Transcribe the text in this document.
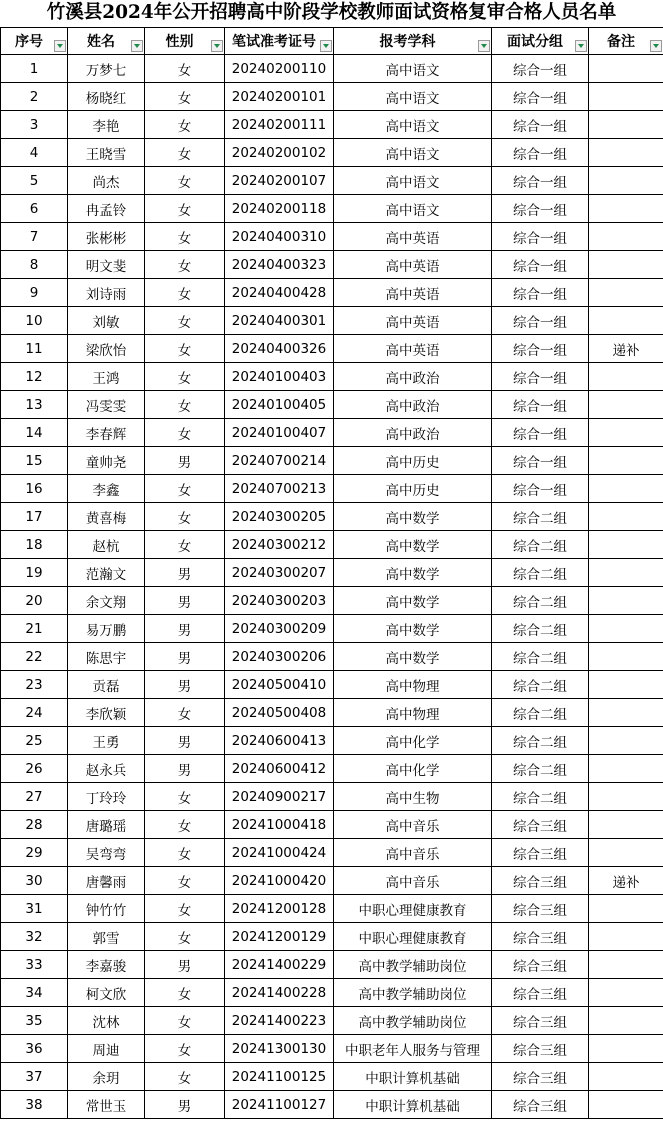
竹溪县2024年公开招聘高中阶段学校教师面试资格复审合格人员名单
序号	姓名	性别	笔试准考证号	报考学科	面试分组	备注

1	万梦七	女	20240200110	高中语文	综合一组	
2	杨晓红	女	20240200101	高中语文	综合一组	
3	李艳	女	20240200111	高中语文	综合一组	
4	王晓雪	女	20240200102	高中语文	综合一组	
5	尚杰	女	20240200107	高中语文	综合一组	
6	冉孟铃	女	20240200118	高中语文	综合一组	
7	张彬彬	女	20240400310	高中英语	综合一组	
8	明文斐	女	20240400323	高中英语	综合一组	
9	刘诗雨	女	20240400428	高中英语	综合一组	
10	刘敏	女	20240400301	高中英语	综合一组	
11	梁欣怡	女	20240400326	高中英语	综合一组	递补
12	王鸿	女	20240100403	高中政治	综合一组	
13	冯雯雯	女	20240100405	高中政治	综合一组	
14	李春辉	女	20240100407	高中政治	综合一组	
15	童帅尧	男	20240700214	高中历史	综合一组	
16	李鑫	女	20240700213	高中历史	综合一组	
17	黄喜梅	女	20240300205	高中数学	综合二组	
18	赵杭	女	20240300212	高中数学	综合二组	
19	范瀚文	男	20240300207	高中数学	综合二组	
20	余文翔	男	20240300203	高中数学	综合二组	
21	易万鹏	男	20240300209	高中数学	综合二组	
22	陈思宇	男	20240300206	高中数学	综合二组	
23	贡磊	男	20240500410	高中物理	综合二组	
24	李欣颖	女	20240500408	高中物理	综合二组	
25	王勇	男	20240600413	高中化学	综合二组	
26	赵永兵	男	20240600412	高中化学	综合二组	
27	丁玲玲	女	20240900217	高中生物	综合二组	
28	唐璐瑶	女	20241000418	高中音乐	综合三组	
29	吴弯弯	女	20241000424	高中音乐	综合三组	
30	唐馨雨	女	20241000420	高中音乐	综合三组	递补
31	钟竹竹	女	20241200128	中职心理健康教育	综合三组	
32	郭雪	女	20241200129	中职心理健康教育	综合三组	
33	李嘉骏	男	20241400229	高中教学辅助岗位	综合三组	
34	柯文欣	女	20241400228	高中教学辅助岗位	综合三组	
35	沈林	女	20241400223	高中教学辅助岗位	综合三组	
36	周迪	女	20241300130	中职老年人服务与管理	综合三组	
37	余玥	女	20241100125	中职计算机基础	综合三组	
38	常世玉	男	20241100127	中职计算机基础	综合三组	
